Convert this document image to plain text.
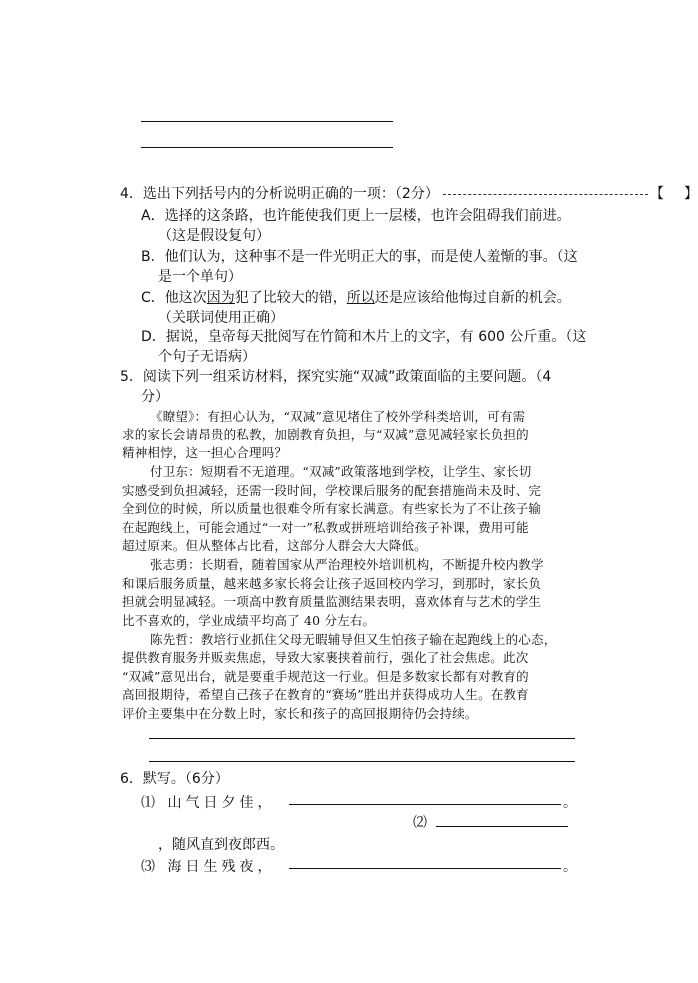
4．选出下列括号内的分析说明正确的一项：（2分）	【 】
A．选择的这条路，也许能使我们更上一层楼，也许会阻碍我们前进。
（这是假设复句）
B．他们认为，这种事不是一件光明正大的事，而是使人羞惭的事。（这
是一个单句）
C．他这次因为犯了比较大的错，所以还是应该给他悔过自新的机会。
（关联词使用正确）
D．据说，皇帝每天批阅写在竹简和木片上的文字，有 600 公斤重。（这
个句子无语病）
5．阅读下列一组采访材料，探究实施“双减”政策面临的主要问题。（4
分）
《瞭望》：有担心认为，“双减”意见堵住了校外学科类培训，可有需
求的家长会请昂贵的私教，加剧教育负担，与“双减”意见减轻家长负担的
精神相悖，这一担心合理吗？
付卫东：短期看不无道理。“双减”政策落地到学校，让学生、家长切
实感受到负担减轻，还需一段时间，学校课后服务的配套措施尚未及时、完
全到位的时候，所以质量也很难令所有家长满意。有些家长为了不让孩子输
在起跑线上，可能会通过“一对一”私教或拼班培训给孩子补课，费用可能
超过原来。但从整体占比看，这部分人群会大大降低。
张志勇：长期看，随着国家从严治理校外培训机构，不断提升校内教学
和课后服务质量，越来越多家长将会让孩子返回校内学习，到那时，家长负
担就会明显减轻。一项高中教育质量监测结果表明，喜欢体育与艺术的学生
比不喜欢的，学业成绩平均高了 40 分左右。
陈先哲：教培行业抓住父母无暇辅导但又生怕孩子输在起跑线上的心态，
提供教育服务并贩卖焦虑，导致大家裹挟着前行，强化了社会焦虑。此次
“双减”意见出台，就是要重手规范这一行业。但是多数家长都有对教育的
高回报期待，希望自己孩子在教育的“赛场”胜出并获得成功人生。在教育
评价主要集中在分数上时，家长和孩子的高回报期待仍会持续。
6．默写。（6分）
⑴ 山气日夕佳，	。
⑵
，随风直到夜郎西。
⑶ 海日生残夜，	。
